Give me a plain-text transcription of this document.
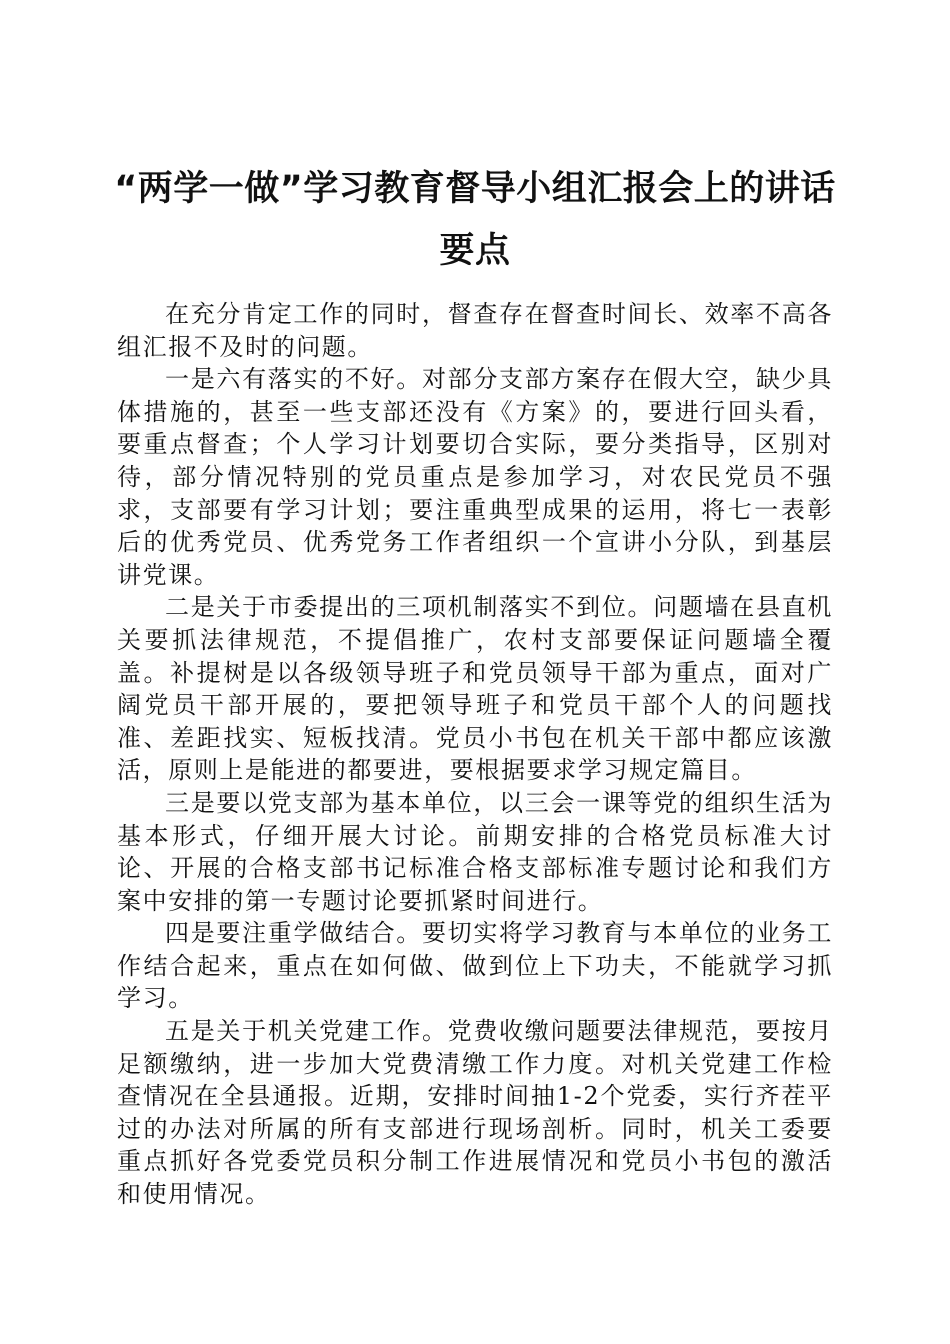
“两学一做”学习教育督导小组汇报会上的讲话要点

在充分肯定工作的同时，督查存在督查时间长、效率不高各组汇报不及时的问题。

一是六有落实的不好。对部分支部方案存在假大空，缺少具体措施的，甚至一些支部还没有《方案》的，要进行回头看，要重点督查；个人学习计划要切合实际，要分类指导，区别对待，部分情况特别的党员重点是参加学习，对农民党员不强求，支部要有学习计划；要注重典型成果的运用，将七一表彰后的优秀党员、优秀党务工作者组织一个宣讲小分队，到基层讲党课。

二是关于市委提出的三项机制落实不到位。问题墙在县直机关要抓法律规范，不提倡推广，农村支部要保证问题墙全覆盖。补提树是以各级领导班子和党员领导干部为重点，面对广阔党员干部开展的，要把领导班子和党员干部个人的问题找准、差距找实、短板找清。党员小书包在机关干部中都应该激活，原则上是能进的都要进，要根据要求学习规定篇目。

三是要以党支部为基本单位，以三会一课等党的组织生活为基本形式，仔细开展大讨论。前期安排的合格党员标准大讨论、开展的合格支部书记标准合格支部标准专题讨论和我们方案中安排的第一专题讨论要抓紧时间进行。

四是要注重学做结合。要切实将学习教育与本单位的业务工作结合起来，重点在如何做、做到位上下功夫，不能就学习抓学习。

五是关于机关党建工作。党费收缴问题要法律规范，要按月足额缴纳，进一步加大党费清缴工作力度。对机关党建工作检查情况在全县通报。近期，安排时间抽1-2个党委，实行齐茬平过的办法对所属的所有支部进行现场剖析。同时，机关工委要重点抓好各党委党员积分制工作进展情况和党员小书包的激活和使用情况。
